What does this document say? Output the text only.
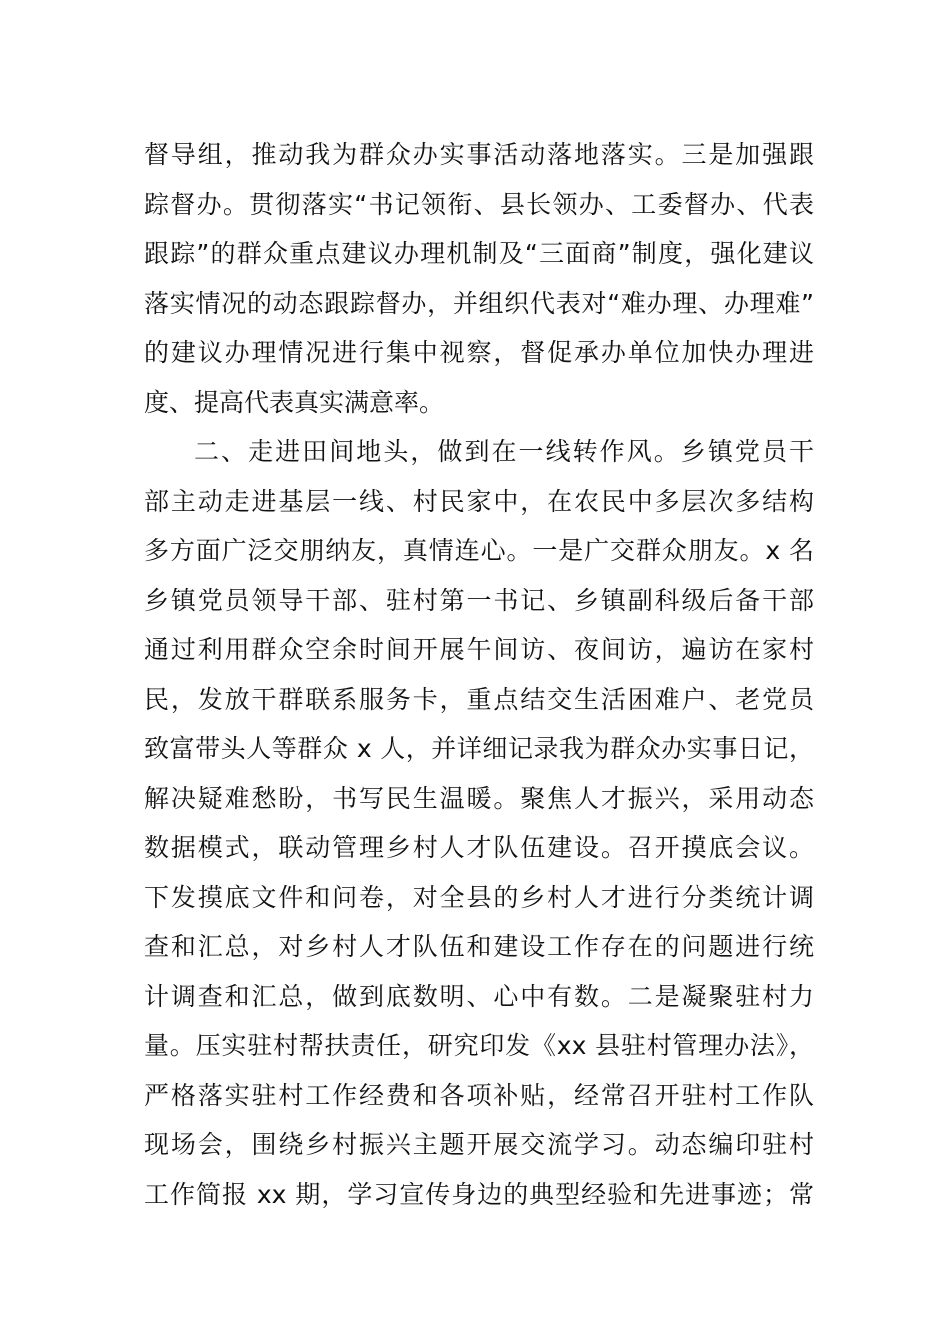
督导组，推动我为群众办实事活动落地落实。三是加强跟
踪督办。贯彻落实“书记领衔、县长领办、工委督办、代表
跟踪”的群众重点建议办理机制及“三面商”制度，强化建议
落实情况的动态跟踪督办，并组织代表对“难办理、办理难”
的建议办理情况进行集中视察，督促承办单位加快办理进
度、提高代表真实满意率。
二、走进田间地头，做到在一线转作风。乡镇党员干
部主动走进基层一线、村民家中，在农民中多层次多结构
多方面广泛交朋纳友，真情连心。一是广交群众朋友。x 名
乡镇党员领导干部、驻村第一书记、乡镇副科级后备干部
通过利用群众空余时间开展午间访、夜间访，遍访在家村
民，发放干群联系服务卡，重点结交生活困难户、老党员
致富带头人等群众 x 人，并详细记录我为群众办实事日记，
解决疑难愁盼，书写民生温暖。聚焦人才振兴，采用动态
数据模式，联动管理乡村人才队伍建设。召开摸底会议。
下发摸底文件和问卷，对全县的乡村人才进行分类统计调
查和汇总，对乡村人才队伍和建设工作存在的问题进行统
计调查和汇总，做到底数明、心中有数。二是凝聚驻村力
量。压实驻村帮扶责任，研究印发《xx 县驻村管理办法》，
严格落实驻村工作经费和各项补贴，经常召开驻村工作队
现场会，围绕乡村振兴主题开展交流学习。动态编印驻村
工作简报 xx 期，学习宣传身边的典型经验和先进事迹；常
